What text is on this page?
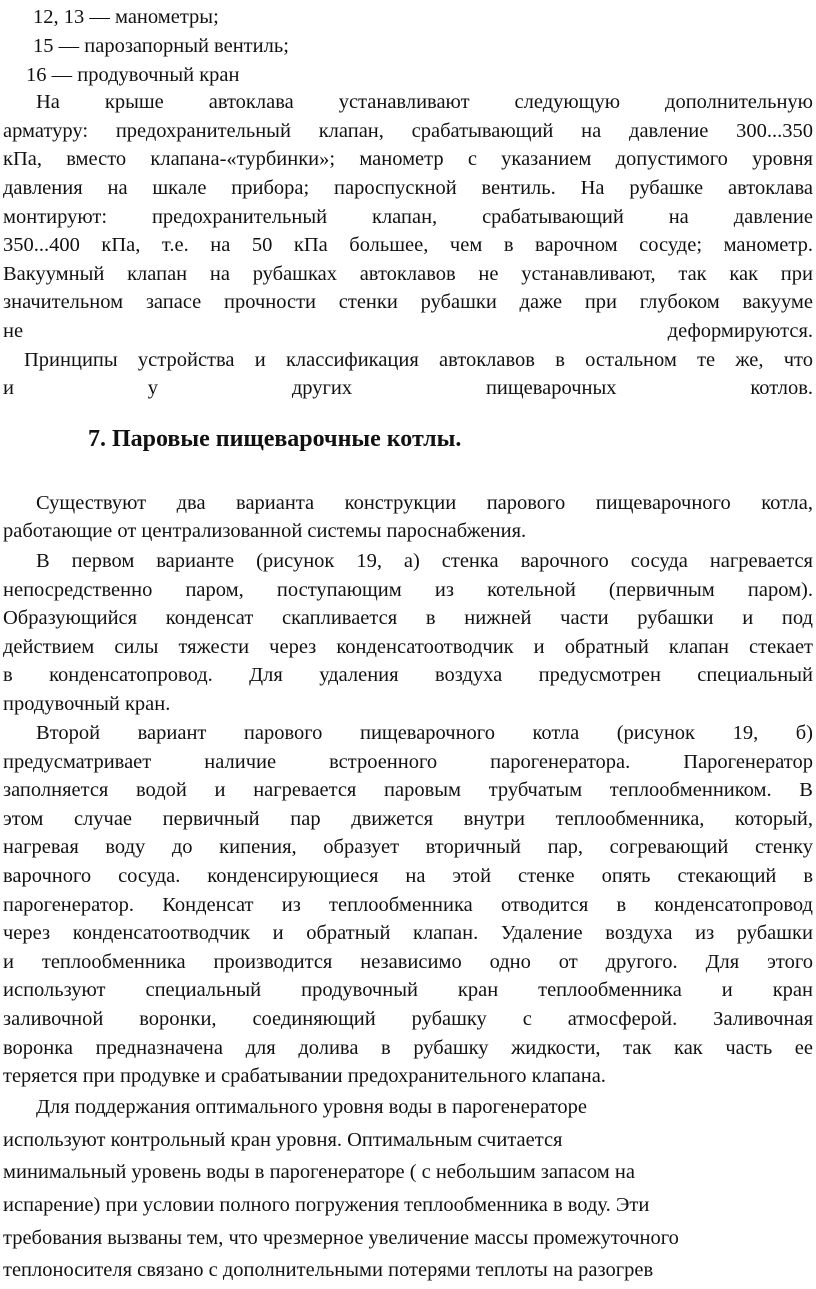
12, 13 — манометры;

15 — парозапорный вентиль;

16 — продувочный кран

На крыше автоклава устанавливают следующую дополнительную

арматуру: предохранительный клапан, срабатывающий на давление 300...350

кПа, вместо клапана-«турбинки»; манометр с указанием допустимого уровня

давления на шкале прибора; пароспускной вентиль. На рубашке автоклава

монтируют: предохранительный клапан, срабатывающий на давление

350...400 кПа, т.е. на 50 кПа большее, чем в варочном сосуде; манометр.

Вакуумный клапан на рубашках автоклавов не устанавливают, так как при

значительном запасе прочности стенки рубашки даже при глубоком вакууме

не деформируются.

Принципы устройства и классификация автоклавов в остальном те же, что

и у других пищеварочных котлов.

7. Паровые пищеварочные котлы.

Существуют два варианта конструкции парового пищеварочного котла,

работающие от централизованной системы пароснабжения.

В первом варианте (рисунок 19, а) стенка варочного сосуда нагревается

непосредственно паром, поступающим из котельной (первичным паром).

Образующийся конденсат скапливается в нижней части рубашки и под

действием силы тяжести через конденсатоотводчик и обратный клапан стекает

в конденсатопровод. Для удаления воздуха предусмотрен специальный

продувочный кран.

Второй вариант парового пищеварочного котла (рисунок 19, б)

предусматривает наличие встроенного парогенератора. Парогенератор

заполняется водой и нагревается паровым трубчатым теплообменником. В

этом случае первичный пар движется внутри теплообменника, который,

нагревая воду до кипения, образует вторичный пар, согревающий стенку

варочного сосуда. конденсирующиеся на этой стенке опять стекающий в

парогенератор. Конденсат из теплообменника отводится в конденсатопровод

через конденсатоотводчик и обратный клапан. Удаление воздуха из рубашки

и теплообменника производится независимо одно от другого. Для этого

используют специальный продувочный кран теплообменника и кран

заливочной воронки, соединяющий рубашку с атмосферой. Заливочная

воронка предназначена для долива в рубашку жидкости, так как часть ее

теряется при продувке и срабатывании предохранительного клапана.

Для поддержания оптимального уровня воды в парогенераторе

используют контрольный кран уровня. Оптимальным считается

минимальный уровень воды в парогенераторе ( с небольшим запасом на

испарение) при условии полного погружения теплообменника в воду. Эти

требования вызваны тем, что чрезмерное увеличение массы промежуточного

теплоносителя связано с дополнительными потерями теплоты на разогрев
